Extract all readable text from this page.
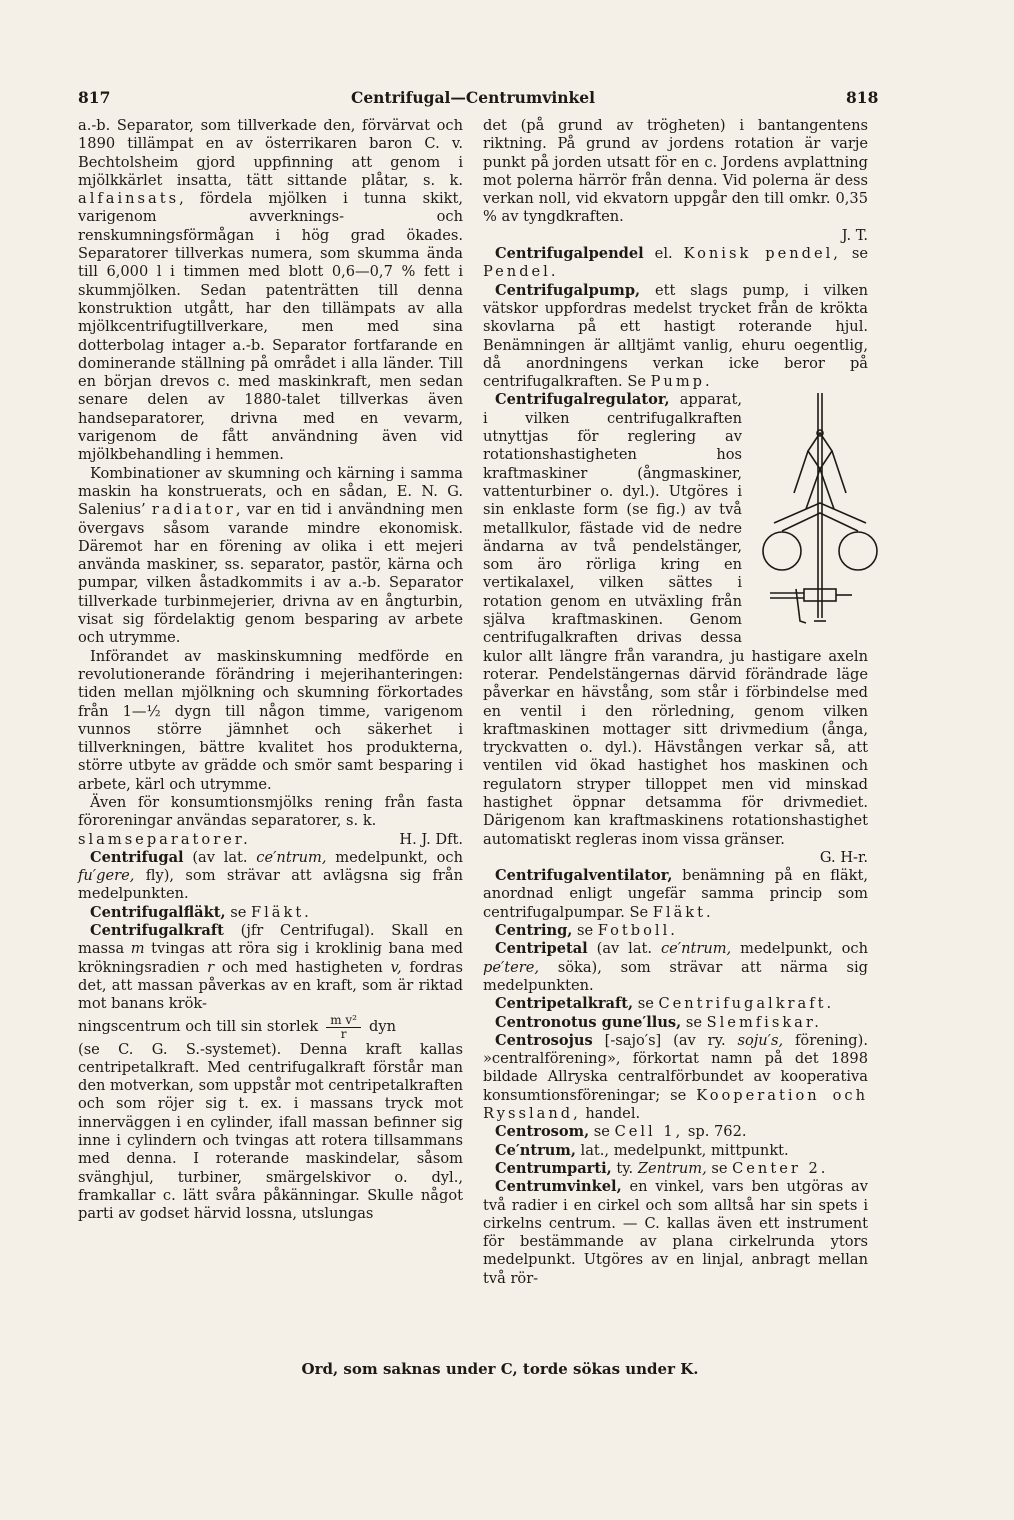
817	Centrifugal—Centrumvinkel	818

a.-b. Separator, som tillverkade den, förvärvat och 1890 tillämpat en av österrikaren baron C. v. Bechtolsheim gjord uppfinning att genom i mjölkkärlet insatta, tätt sittande plåtar, s. k. alfainsats, fördela mjölken i tunna skikt, varigenom avverknings- och renskumningsförmågan i hög grad ökades. Separatorer tillverkas numera, som skumma ända till 6,000 l i timmen med blott 0,6—0,7 % fett i skummjölken. Sedan patenträtten till denna konstruktion utgått, har den tillämpats av alla mjölkcentrifugtillverkare, men med sina dotterbolag intager a.-b. Separator fortfarande en dominerande ställning på området i alla länder. Till en början drevos c. med maskinkraft, men sedan senare delen av 1880-talet tillverkas även handseparatorer, drivna med en vevarm, varigenom de fått användning även vid mjölkbehandling i hemmen.

Kombinationer av skumning och kärning i samma maskin ha konstruerats, och en sådan, E. N. G. Salenius’ radiator, var en tid i användning men övergavs såsom varande mindre ekonomisk. Däremot har en förening av olika i ett mejeri använda maskiner, ss. separator, pastör, kärna och pumpar, vilken åstadkommits i av a.-b. Separator tillverkade turbinmejerier, drivna av en ångturbin, visat sig fördelaktig genom besparing av arbete och utrymme.

Införandet av maskinskumning medförde en revolutionerande förändring i mejerihanteringen: tiden mellan mjölkning och skumning förkortades från 1—½ dygn till någon timme, varigenom vunnos större jämnhet och säkerhet i tillverkningen, bättre kvalitet hos produkterna, större utbyte av grädde och smör samt besparing i arbete, kärl och utrymme.

Även för konsumtionsmjölks rening från fasta föroreningar användas separatorer, s. k.

slamseparatorer.	H. J. Dft.

Centrifugal (av lat. ce′ntrum, medelpunkt, och fu′gere, fly), som strävar att avlägsna sig från medelpunkten.

Centrifugalfläkt, se Fläkt.

Centrifugalkraft (jfr Centrifugal). Skall en massa m tvingas att röra sig i kroklinig bana med krökningsradien r och med hastigheten v, fordras det, att massan påverkas av en kraft, som är riktad mot banans krök-

ningscentrum och till sin storlek $\frac{\text{m v²}}{r}$ dyn

(se C. G. S.-systemet). Denna kraft kallas centripetalkraft. Med centrifugalkraft förstår man den motverkan, som uppstår mot centripetalkraften och som röjer sig t. ex. i massans tryck mot innerväggen i en cylinder, ifall massan befinner sig inne i cylindern och tvingas att rotera tillsammans med denna. I roterande maskindelar, såsom svänghjul, turbiner, smärgelskivor o. dyl., framkallar c. lätt svåra påkänningar. Skulle något parti av godset härvid lossna, utslungas

det (på grund av trögheten) i bantangentens riktning. På grund av jordens rotation är varje punkt på jorden utsatt för en c. Jordens avplattning mot polerna härrör från denna. Vid polerna är dess verkan noll, vid ekvatorn uppgår den till omkr. 0,35 % av tyngdkraften.

J. T.

Centrifugalpendel el. Konisk pendel, se Pendel.

Centrifugalpump, ett slags pump, i vilken vätskor uppfordras medelst trycket från de krökta skovlarna på ett hastigt roterande hjul. Benämningen är alltjämt vanlig, ehuru oegentlig, då anordningens verkan icke beror på centrifugalkraften. Se Pump.

Centrifugalregulator, apparat, i vilken centrifugalkraften utnyttjas för reglering av rotationshastigheten hos kraftmaskiner (ångmaskiner, vattenturbiner o. dyl.). Utgöres i sin enklaste form (se fig.) av två metallkulor, fästade vid de nedre ändarna av två pendelstänger, som äro rörliga kring en vertikalaxel, vilken sättes i rotation genom en utväxling från själva kraftmaskinen. Genom centrifugalkraften drivas dessa kulor allt längre från varandra, ju hastigare axeln roterar. Pendelstängernas därvid förändrade läge påverkar en hävstång, som står i förbindelse med en ventil i den rörledning, genom vilken kraftmaskinen mottager sitt drivmedium (ånga, tryckvatten o. dyl.). Hävstången verkar så, att ventilen vid ökad hastighet hos maskinen och regulatorn stryper tilloppet men vid minskad hastighet öppnar detsamma för drivmediet. Därigenom kan kraftmaskinens rotationshastighet automatiskt regleras inom vissa gränser.

G. H-r.

Centrifugalventilator, benämning på en fläkt, anordnad enligt ungefär samma princip som centrifugalpumpar. Se Fläkt.

Centring, se Fotboll.

Centripetal (av lat. ce′ntrum, medelpunkt, och pe′tere, söka), som strävar att närma sig medelpunkten.

Centripetalkraft, se Centrifugalkraft.

Centronotus gune′llus, se Slemfiskar.

Centrosojus [-sajo′s] (av ry. soju′s, förening). »centralförening», förkortat namn på det 1898 bildade Allryska centralförbundet av kooperativa konsumtionsföreningar; se Kooperation och Ryssland, handel.

Centrosom, se Cell 1, sp. 762.

Ce′ntrum, lat., medelpunkt, mittpunkt.

Centrumparti, ty. Zentrum, se Center 2.

Centrumvinkel, en vinkel, vars ben utgöras av två radier i en cirkel och som alltså har sin spets i cirkelns centrum. — C. kallas även ett instrument för bestämmande av plana cirkelrunda ytors medelpunkt. Utgöres av en linjal, anbragt mellan två rör-

Ord, som saknas under C, torde sökas under K.
